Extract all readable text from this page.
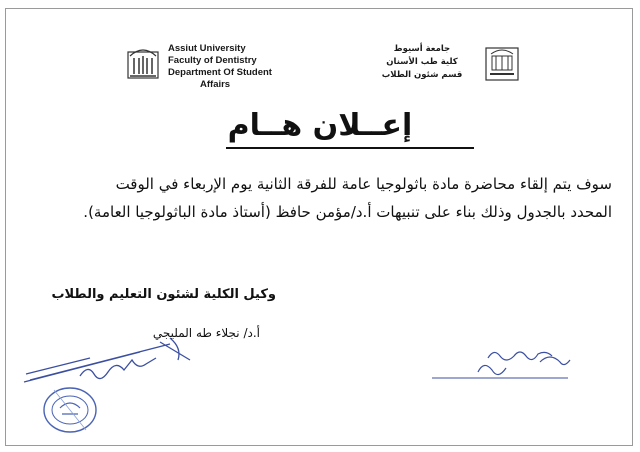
Assiut University
Faculty of Dentistry
Department Of Student
Affairs
جامعة أسيوط
كلية طب الأسنان
قسم شئون الطلاب
إعــلان هــام
سوف يتم إلقاء محاضرة مادة باثولوجيا عامة للفرقة الثانية يوم الإربعاء في الوقت
المحدد بالجدول وذلك بناء على تنبيهات أ.د/مؤمن حافظ (أستاذ مادة الباثولوجيا العامة).
وكيل الكلية لشئون التعليم والطلاب
أ.د/ نجلاء طه المليجي
